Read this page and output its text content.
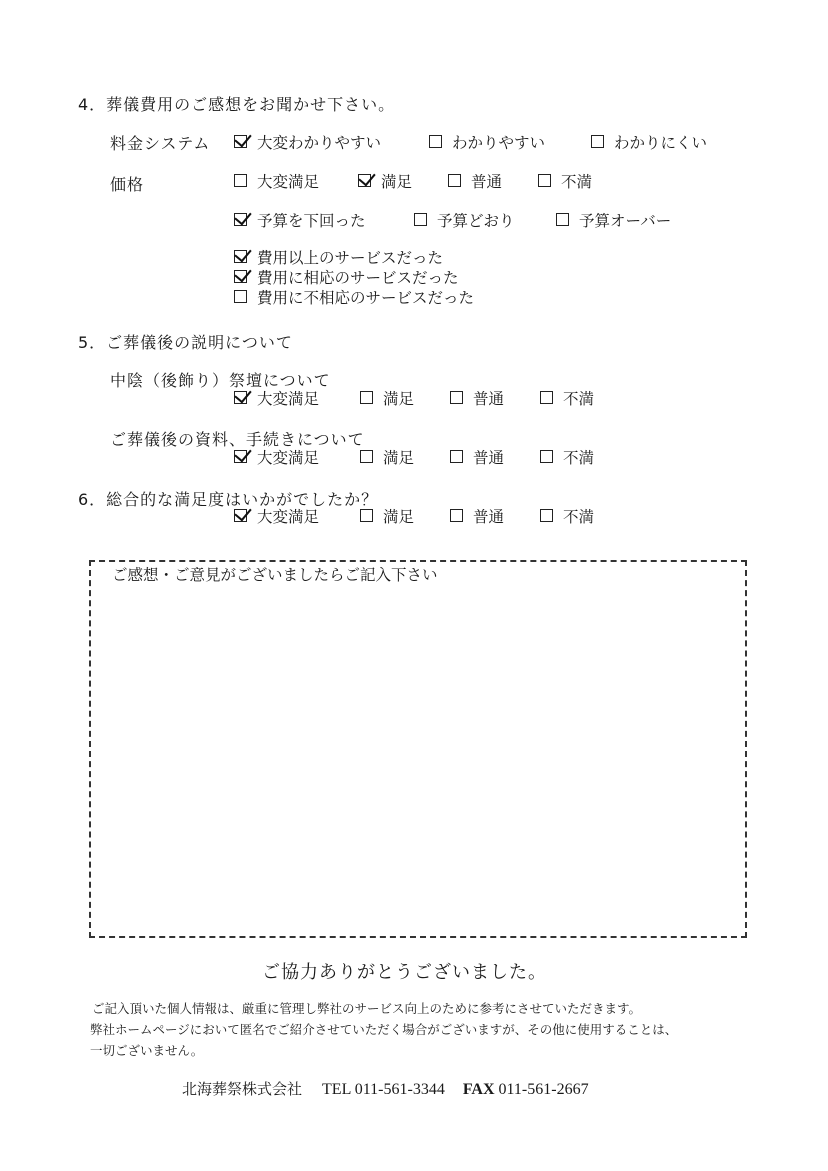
4．葬儀費用のご感想をお聞かせ下さい。
料金システム	大変わかりやすい	わかりやすい	わかりにくい
価格	大変満足	満足	普通	不満
予算を下回った	予算どおり	予算オーバー
費用以上のサービスだった
費用に相応のサービスだった
費用に不相応のサービスだった
5．ご葬儀後の説明について
中陰（後飾り）祭壇について
大変満足	満足	普通	不満
ご葬儀後の資料、手続きについて
大変満足	満足	普通	不満
6．総合的な満足度はいかがでしたか？
大変満足	満足	普通	不満
ご感想・ご意見がございましたらご記入下さい
ご協力ありがとうございました。
ご記入頂いた個人情報は、厳重に管理し弊社のサービス向上のために参考にさせていただきます。
弊社ホームページにおいて匿名でご紹介させていただく場合がございますが、その他に使用することは、
一切ございません。
北海葬祭株式会社 TEL 011-561-3344 FAX 011-561-2667
